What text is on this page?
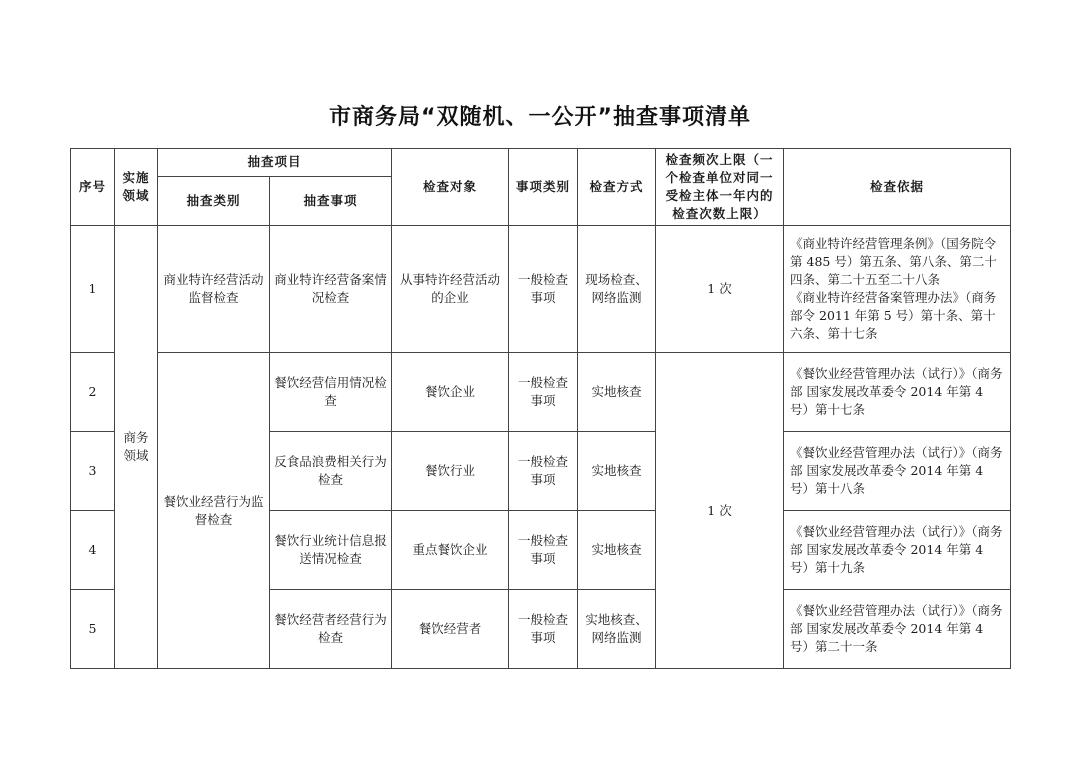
市商务局“双随机、一公开”抽查事项清单
序号	实施领域	抽查项目		检查对象	事项类别	检查方式	检查频次上限（一个检查单位对同一受检主体一年内的检查次数上限）	检查依据
		抽查类别	抽查事项					
1	商务领域	商业特许经营活动监督检查	商业特许经营备案情况检查	从事特许经营活动的企业	一般检查事项	现场检查、网络监测	1 次	《商业特许经营管理条例》（国务院令第 485 号）第五条、第八条、第二十四条、第二十五至二十八条
《商业特许经营备案管理办法》（商务部令 2011 年第 5 号）第十条、第十六条、第十七条
2		餐饮业经营行为监督检查	餐饮经营信用情况检查	餐饮企业	一般检查事项	实地核查	1 次	《餐饮业经营管理办法（试行）》（商务部 国家发展改革委令 2014 年第 4 号）第十七条
3			反食品浪费相关行为检查	餐饮行业	一般检查事项	实地核查		《餐饮业经营管理办法（试行）》（商务部 国家发展改革委令 2014 年第 4 号）第十八条
4			餐饮行业统计信息报送情况检查	重点餐饮企业	一般检查事项	实地核查		《餐饮业经营管理办法（试行）》（商务部 国家发展改革委令 2014 年第 4 号）第十九条
5			餐饮经营者经营行为检查	餐饮经营者	一般检查事项	实地核查、网络监测		《餐饮业经营管理办法（试行）》（商务部 国家发展改革委令 2014 年第 4 号）第二十一条
